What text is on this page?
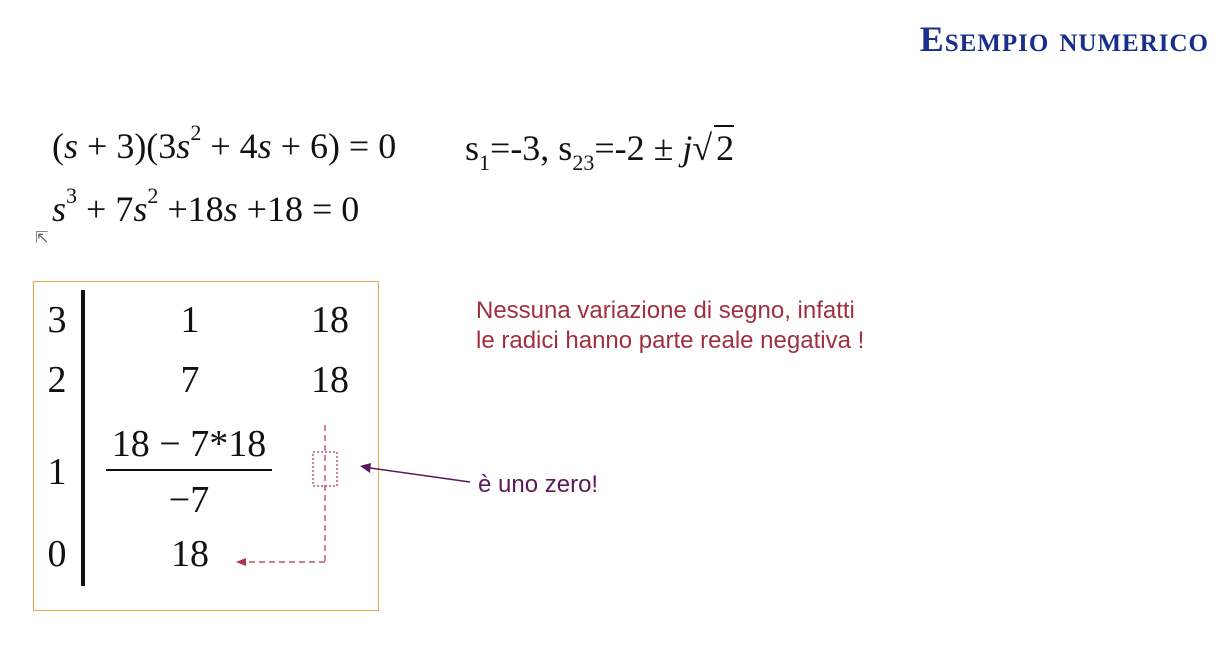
Esempio numerico
$(s + 3)(3s^2 + 4s + 6) = 0$ $s_1=-3$, $s_{23}=-2 \pm j√$ 2
$s^3 + 7s^2 +18s +18 = 0$
⇱
3
2
1
0
1	18
7	18
18 − 7*18
−7
18
Nessuna variazione di segno, infatti le radici hanno parte reale negativa !
è uno zero!
